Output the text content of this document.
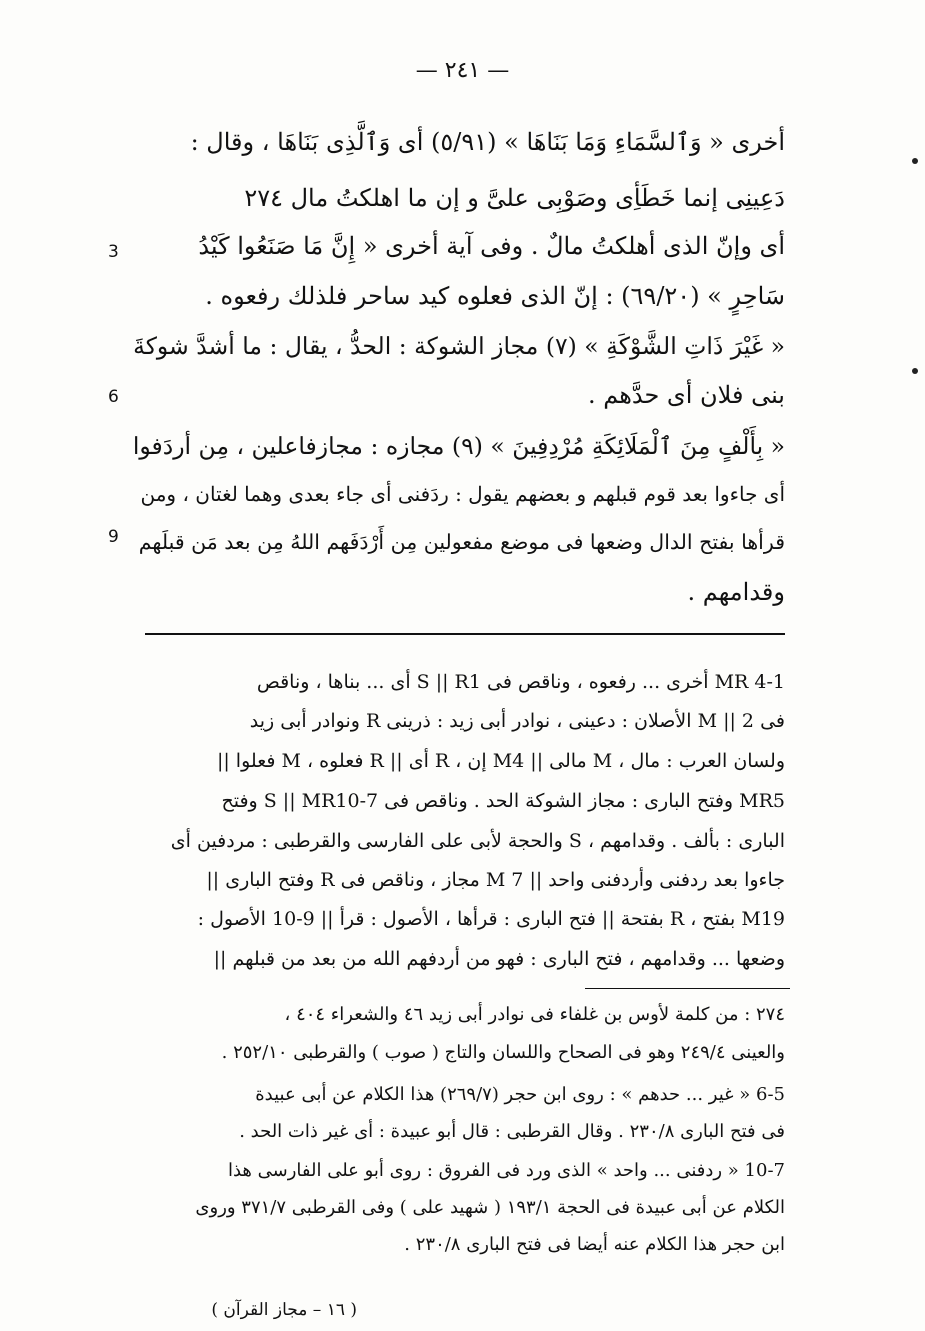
— ٢٤١ —
أخرى « وَٱلسَّمَاءِ وَمَا بَنَاهَا » (٥/٩١) أى وَٱلَّذِى بَنَاهَا ، وقال :
دَعِينِى إنما خَطَأِى وصَوْبِى علىَّ و إن ما اهلكتُ مال ٢٧٤
أى وإنّ الذى أهلكتُ مالٌ . وفى آية أخرى « إِنَّ مَا صَنَعُوا كَيْدُ
سَاحِرٍ » (٦٩/٢٠) : إنّ الذى فعلوه كيد ساحر فلذلك رفعوه .
« غَيْرَ ذَاتِ الشَّوْكَةِ » (٧) مجاز الشوكة : الحدُّ ، يقال : ما أشدَّ شوكةَ
بنى فلان أى حدَّهم .
« بِأَلْفٍ مِنَ ٱلْمَلَائِكَةِ مُرْدِفِينَ » (٩) مجازه : مجازفاعلين ، مِن أردَفوا
أى جاءوا بعد قوم قبلهم و بعضهم يقول : ردَفنى أى جاء بعدى وهما لغتان ، ومن
قرأها بفتح الدال وضعها فى موضع مفعولين مِن أَرْدَفَهم اللهُ مِن بعد مَن قبلَهم
وقدامهم .
3
6
9
MR 4-1 أخرى ... رفعوه ، وناقص فى S || R1 أى ... بناها ، وناقص
فى M || 2 الأصلان : دعينى ، نوادر أبى زيد : ذرينى R ونوادر أبى زيد
ولسان العرب : مال ، M مالى || M4 إن ، R أى || R فعلوه ، M فعلوا ||
MR5 وفتح البارى : مجاز الشوكة الحد . وناقص فى S || MR10-7 وفتح
البارى : بألف . وقدامهم ، S والحجة لأبى على الفارسى والقرطبى : مردفين أى
جاءوا بعد ردفنى وأردفنى واحد || M 7 مجاز ، وناقص فى R وفتح البارى ||
M19 بفتح ، R بفتحة || فتح البارى : قرأها ، الأصول : قرأ || 9-10 الأصول :
وضعها ... وقدامهم ، فتح البارى : فهو من أردفهم الله من بعد من قبلهم ||
٢٧٤ : من كلمة لأوس بن غلفاء فى نوادر أبى زيد ٤٦ والشعراء ٤٠٤ ،
والعينى ٢٤٩/٤ وهو فى الصحاح واللسان والتاج ( صوب ) والقرطبى ٢٥٢/١٠ .
6-5 « غير ... حدهم » : روى ابن حجر (٢٦٩/٧) هذا الكلام عن أبى عبيدة
فى فتح البارى ٢٣٠/٨ . وقال القرطبى : قال أبو عبيدة : أى غير ذات الحد .
10-7 « ردفنى ... واحد » الذى ورد فى الفروق : روى أبو على الفارسى هذا
الكلام عن أبى عبيدة فى الحجة ١٩٣/١ ( شهيد على ) وفى القرطبى ٣٧١/٧ وروى
ابن حجر هذا الكلام عنه أيضا فى فتح البارى ٢٣٠/٨ .
( ١٦ – مجاز القرآن )
